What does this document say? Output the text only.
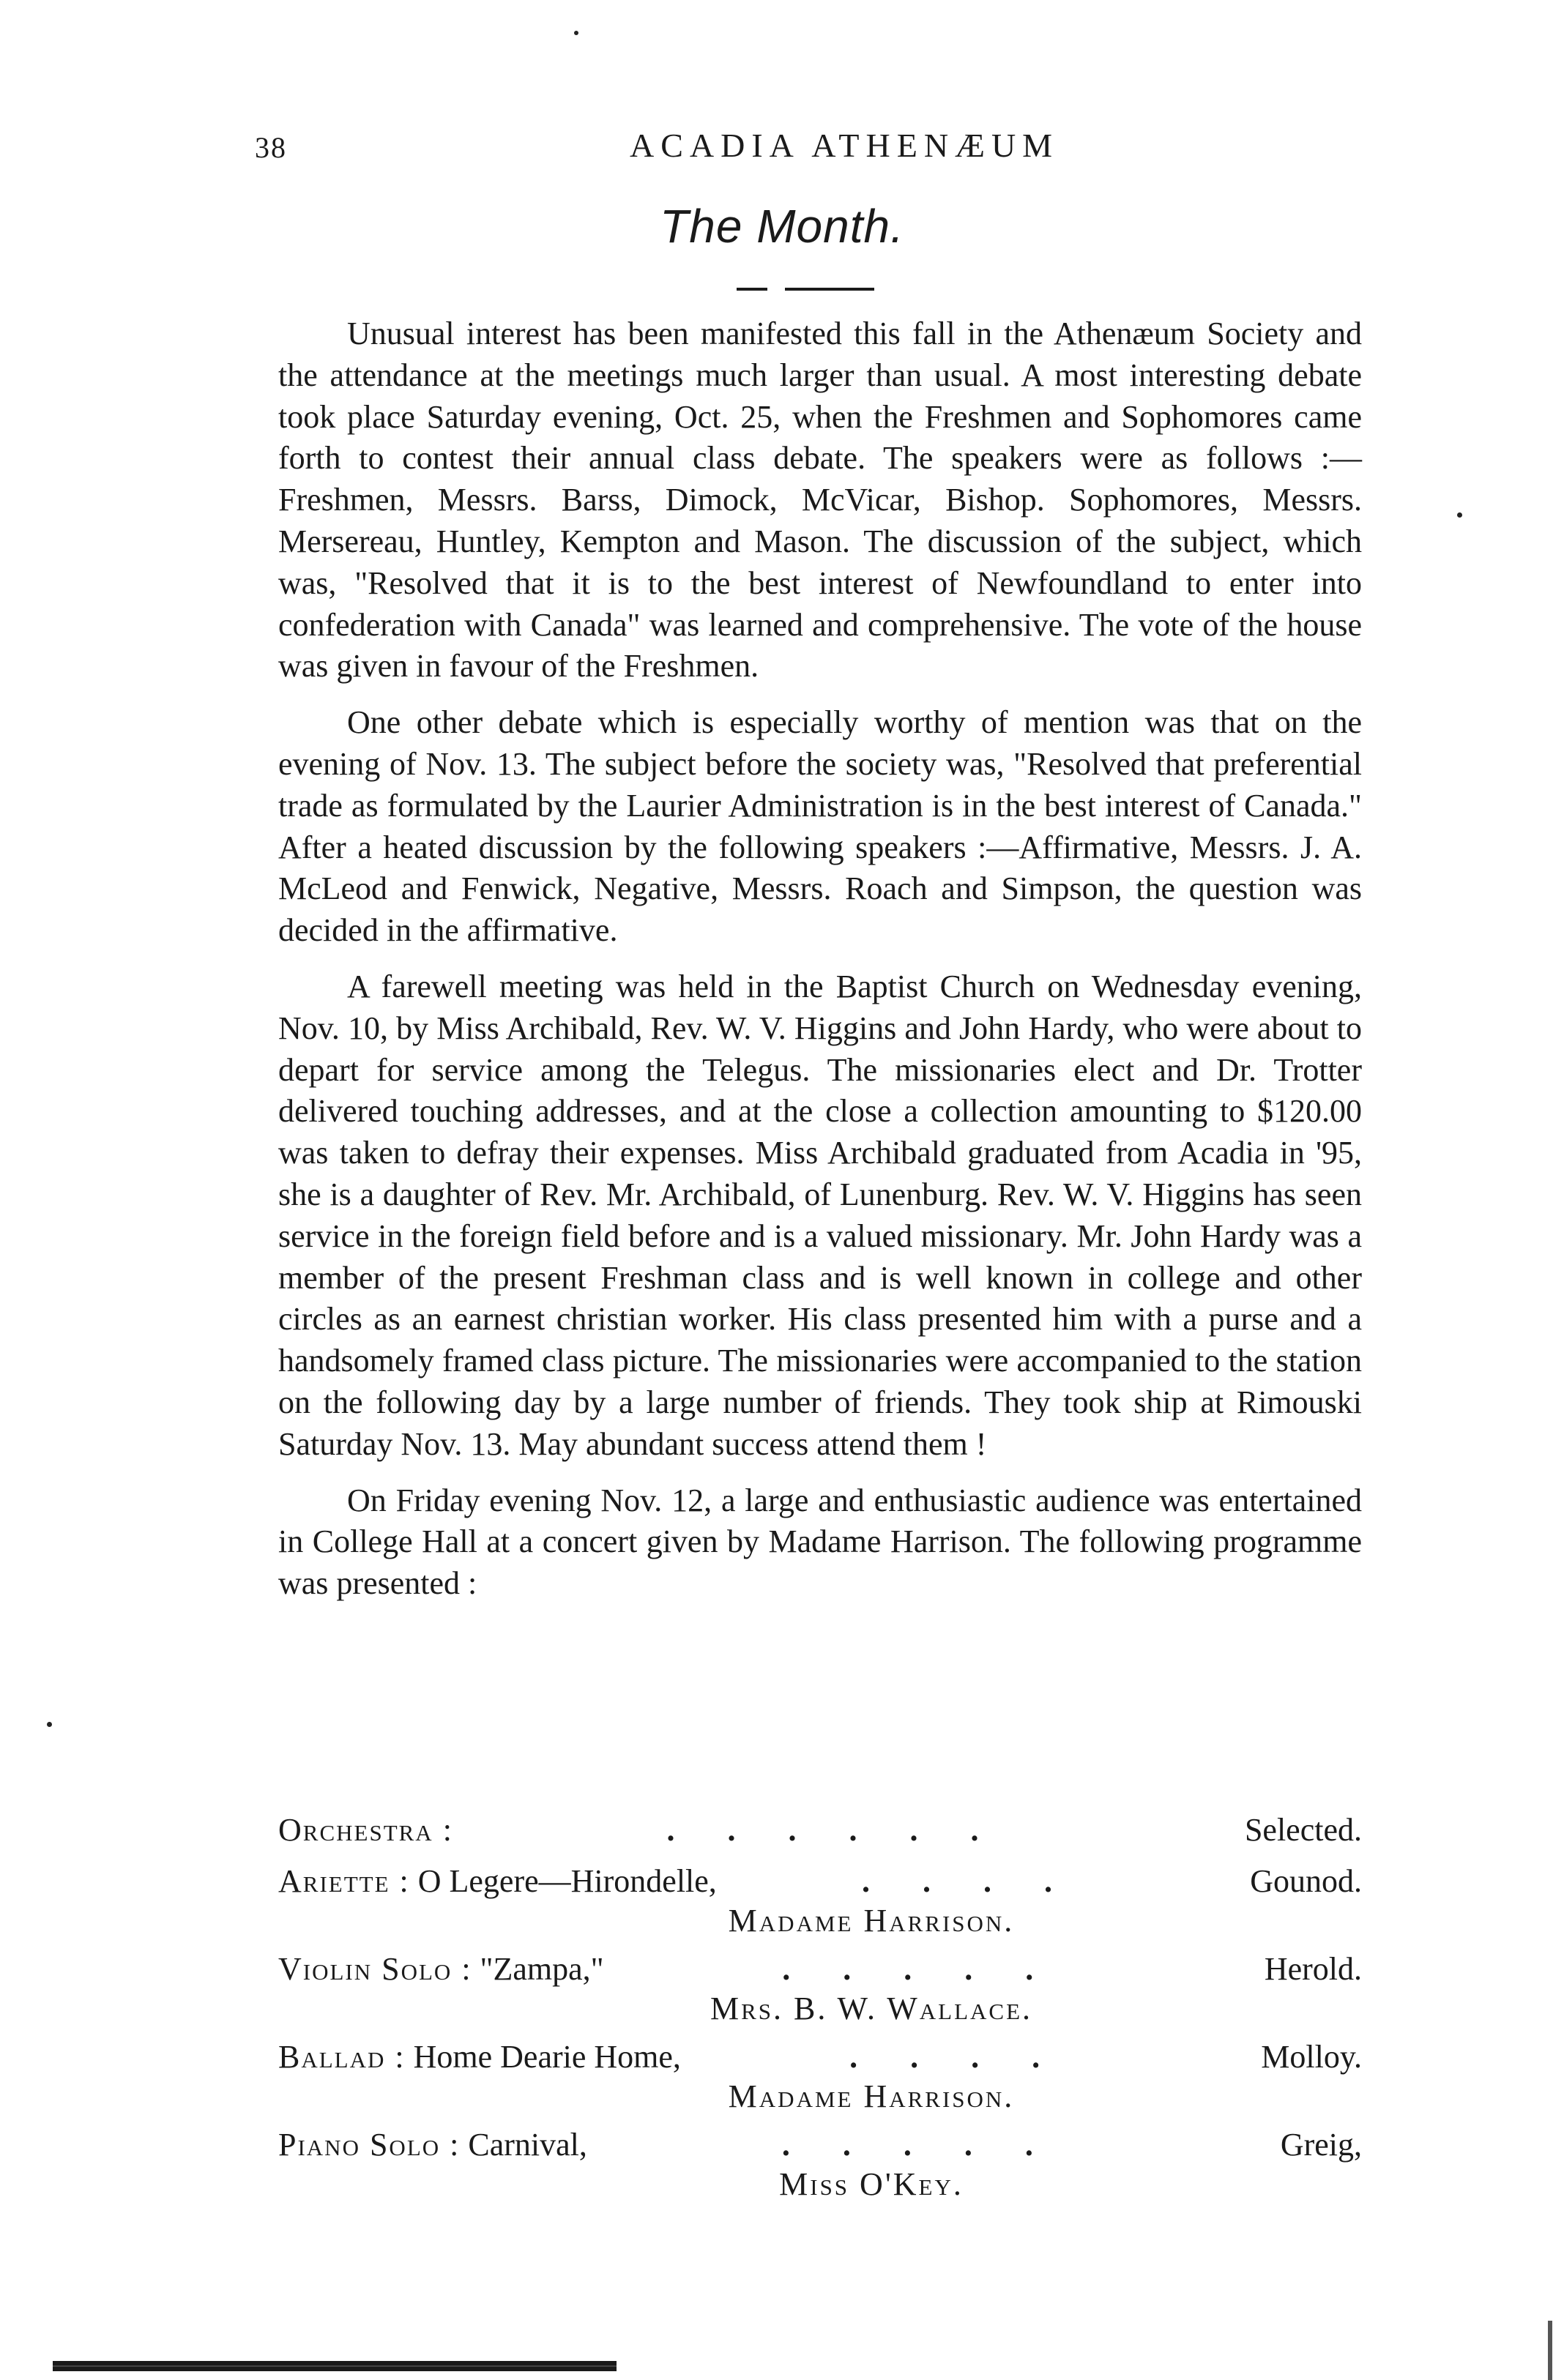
38	ACADIA ATHENÆUM
The Month.

Unusual interest has been manifested this fall in the Athenæum Society and the attendance at the meetings much larger than usual. A most interesting debate took place Saturday evening, Oct. 25, when the Freshmen and Sophomores came forth to contest their annual class debate. The speakers were as follows :—Freshmen, Messrs. Barss, Dimock, McVicar, Bishop. Sophomores, Messrs. Mersereau, Huntley, Kempton and Mason. The discussion of the subject, which was, "Resolved that it is to the best interest of Newfoundland to enter into confederation with Canada" was learned and comprehensive. The vote of the house was given in favour of the Freshmen.

One other debate which is especially worthy of mention was that on the evening of Nov. 13. The subject before the society was, "Resolved that preferential trade as formulated by the Laurier Administration is in the best interest of Canada." After a heated discussion by the following speakers :—Affirmative, Messrs. J. A. McLeod and Fenwick, Negative, Messrs. Roach and Simpson, the question was decided in the affirmative.

A farewell meeting was held in the Baptist Church on Wednesday evening, Nov. 10, by Miss Archibald, Rev. W. V. Higgins and John Hardy, who were about to depart for service among the Telegus. The missionaries elect and Dr. Trotter delivered touching addresses, and at the close a collection amounting to $120.00 was taken to defray their expenses. Miss Archibald graduated from Acadia in '95, she is a daughter of Rev. Mr. Archibald, of Lunenburg. Rev. W. V. Higgins has seen service in the foreign field before and is a valued missionary. Mr. John Hardy was a member of the present Freshman class and is well known in college and other circles as an earnest christian worker. His class presented him with a purse and a handsomely framed class picture. The missionaries were accompanied to the station on the following day by a large number of friends. They took ship at Rimouski Saturday Nov. 13. May abundant success attend them !

On Friday evening Nov. 12, a large and enthusiastic audience was entertained in College Hall at a concert given by Madame Harrison. The following programme was presented :

Orchestra :	......	Selected.
Ariette : O Legere—Hirondelle,	....	Gounod.
Madame Harrison.
Violin Solo : "Zampa,"	.....	Herold.
Mrs. B. W. Wallace.
Ballad : Home Dearie Home,	....	Molloy.
Madame Harrison.
Piano Solo : Carnival,	.....	Greig,
Miss O'Key.
